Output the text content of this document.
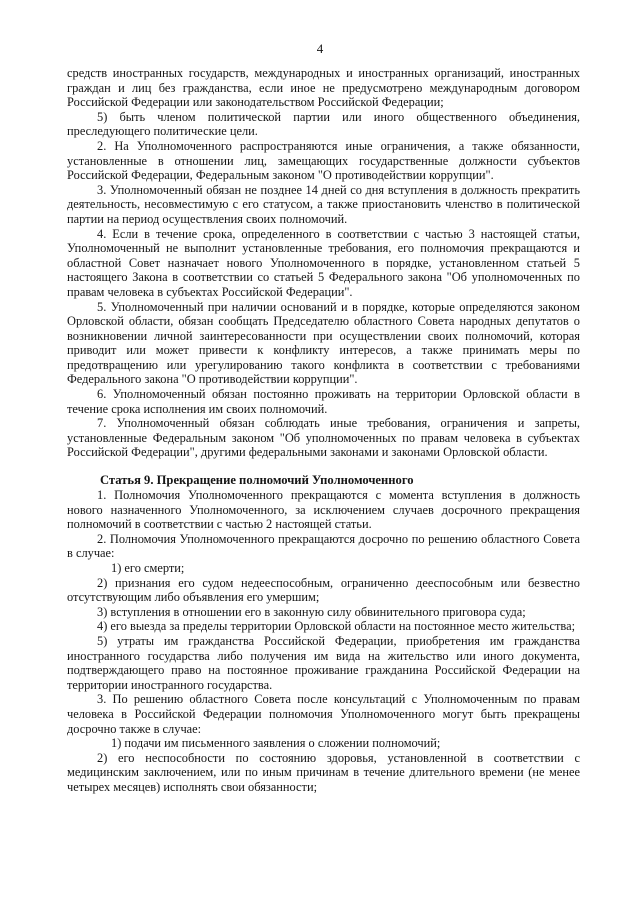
4

средств иностранных государств, международных и иностранных организаций, иностранных граждан и лиц без гражданства, если иное не предусмотрено международным договором Российской Федерации или законодательством Российской Федерации;

5) быть членом политической партии или иного общественного объединения, преследующего политические цели.

2. На Уполномоченного распространяются иные ограничения, а также обязанности, установленные в отношении лиц, замещающих государственные должности субъектов Российской Федерации, Федеральным законом "О противодействии коррупции".

3. Уполномоченный обязан не позднее 14 дней со дня вступления в должность прекратить деятельность, несовместимую с его статусом, а также приостановить членство в политической партии на период осуществления своих полномочий.

4. Если в течение срока, определенного в соответствии с частью 3 настоящей статьи, Уполномоченный не выполнит установленные требования, его полномочия прекращаются и областной Совет назначает нового Уполномоченного в порядке, установленном статьей 5 настоящего Закона в соответствии со статьей 5 Федерального закона "Об уполномоченных по правам человека в субъектах Российской Федерации".

5. Уполномоченный при наличии оснований и в порядке, которые определяются законом Орловской области, обязан сообщать Председателю областного Совета народных депутатов о возникновении личной заинтересованности при осуществлении своих полномочий, которая приводит или может привести к конфликту интересов, а также принимать меры по предотвращению или урегулированию такого конфликта в соответствии с требованиями Федерального закона "О противодействии коррупции".

6. Уполномоченный обязан постоянно проживать на территории Орловской области в течение срока исполнения им своих полномочий.

7. Уполномоченный обязан соблюдать иные требования, ограничения и запреты, установленные Федеральным законом "Об уполномоченных по правам человека в субъектах Российской Федерации", другими федеральными законами и законами Орловской области.

Статья 9. Прекращение полномочий Уполномоченного

1. Полномочия Уполномоченного прекращаются с момента вступления в должность нового назначенного Уполномоченного, за исключением случаев досрочного прекращения полномочий в соответствии с частью 2 настоящей статьи.

2. Полномочия Уполномоченного прекращаются досрочно по решению областного Совета в случае:

1) его смерти;

2) признания его судом недееспособным, ограниченно дееспособным или безвестно отсутствующим либо объявления его умершим;

3) вступления в отношении его в законную силу обвинительного приговора суда;

4) его выезда за пределы территории Орловской области на постоянное место жительства;

5) утраты им гражданства Российской Федерации, приобретения им гражданства иностранного государства либо получения им вида на жительство или иного документа, подтверждающего право на постоянное проживание гражданина Российской Федерации на территории иностранного государства.

3. По решению областного Совета после консультаций с Уполномоченным по правам человека в Российской Федерации полномочия Уполномоченного могут быть прекращены досрочно также в случае:

1) подачи им письменного заявления о сложении полномочий;

2) его неспособности по состоянию здоровья, установленной в соответствии с медицинским заключением, или по иным причинам в течение длительного времени (не менее четырех месяцев) исполнять свои обязанности;
